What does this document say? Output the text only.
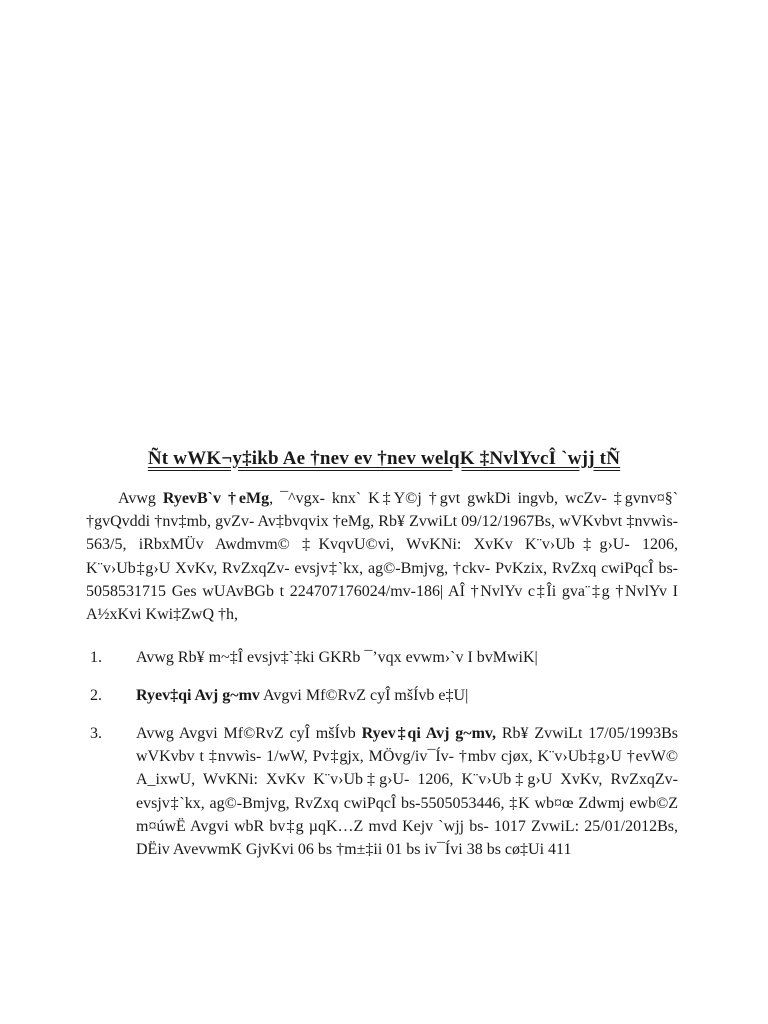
Ñt wWK¬y‡ikb Ae †nev ev †nev welqK ‡NvlYvcÎ `wjj tÑ

Avwg RyevB`v †eMg, ¯^vgx- knx` K‡Y©j †gvt gwkDi ingvb, wcZv- ‡gvnv¤§` †gvQvddi †nv‡mb, gvZv- Av‡bvqvix †eMg, Rb¥ ZvwiLt 09/12/1967Bs, wVKvbvt ‡nvwìs- 563/5, iRbxMÜv Awdmvm© ‡KvqvU©vi, WvKNi: XvKv K¨v›Ub‡g›U- 1206, K¨v›Ub‡g›U XvKv, RvZxqZv- evsjv‡`kx, ag©-Bmjvg, †ckv- PvKzix, RvZxq cwiPqcÎ bs- 5058531715 Ges wUAvBGb t 224707176024/mv-186| AÎ †NvlYv c‡Îi gva¨‡g †NvlYv I A½xKvi Kwi‡ZwQ †h,

1. Avwg Rb¥ m~‡Î evsjv‡`‡ki GKRb ¯’vqx evwm›`v I bvMwiK|
2. Ryev‡qi Avj g~mv Avgvi Mf©RvZ cyÎ mšÍvb e‡U|
3. Avwg Avgvi Mf©RvZ cyÎ mšÍvb Ryev‡qi Avj g~mv, Rb¥ ZvwiLt 17/05/1993Bs wVKvbv t ‡nvwìs- 1/wW, Pv‡gjx, MÖvg/iv¯Ív- †mbv cjøx, K¨v›Ub‡g›U †evW© A_ixwU, WvKNi: XvKv K¨v›Ub‡g›U- 1206, K¨v›Ub‡g›U XvKv, RvZxqZv- evsjv‡`kx, ag©-Bmjvg, RvZxq cwiPqcÎ bs-5505053446, ‡K wb¤œ Zdwmj ewb©Z m¤úwË Avgvi wbR bv‡g µqK…Z mvd Kejv `wjj bs- 1017 ZvwiL: 25/01/2012Bs, DËiv AvevwmK GjvKvi 06 bs †m±‡ii 01 bs iv¯Ívi 38 bs cø‡Ui 411
